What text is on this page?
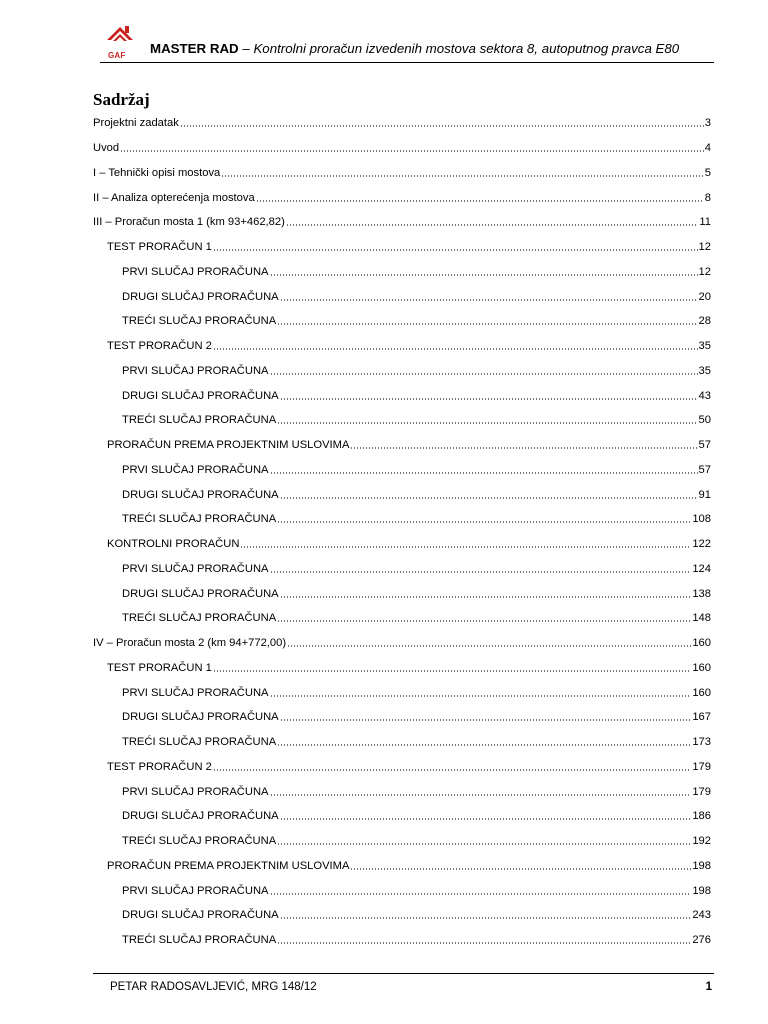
GAF MASTER RAD – Kontrolni proračun izvedenih mostova sektora 8, autoputnog pravca E80
Sadržaj
Projektni zadatak	3
Uvod	4
I – Tehnički opisi mostova	5
II – Analiza opterećenja mostova	8
III – Proračun mosta 1 (km 93+462,82)	11
TEST PRORAČUN 1	12
PRVI SLUČAJ PRORAČUNA	12
DRUGI SLUČAJ PRORAČUNA	20
TREĆI SLUČAJ PRORAČUNA	28
TEST PRORAČUN 2	35
PRVI SLUČAJ PRORAČUNA	35
DRUGI SLUČAJ PRORAČUNA	43
TREĆI SLUČAJ PRORAČUNA	50
PRORAČUN PREMA PROJEKTNIM USLOVIMA	57
PRVI SLUČAJ PRORAČUNA	57
DRUGI SLUČAJ PRORAČUNA	91
TREĆI SLUČAJ PRORAČUNA	108
KONTROLNI PRORAČUN	122
PRVI SLUČAJ PRORAČUNA	124
DRUGI SLUČAJ PRORAČUNA	138
TREĆI SLUČAJ PRORAČUNA	148
IV – Proračun mosta 2 (km 94+772,00)	160
TEST PRORAČUN 1	160
PRVI SLUČAJ PRORAČUNA	160
DRUGI SLUČAJ PRORAČUNA	167
TREĆI SLUČAJ PRORAČUNA	173
TEST PRORAČUN 2	179
PRVI SLUČAJ PRORAČUNA	179
DRUGI SLUČAJ PRORAČUNA	186
TREĆI SLUČAJ PRORAČUNA	192
PRORAČUN PREMA PROJEKTNIM USLOVIMA	198
PRVI SLUČAJ PRORAČUNA	198
DRUGI SLUČAJ PRORAČUNA	243
TREĆI SLUČAJ PRORAČUNA	276
PETAR RADOSAVLJEVIĆ, MRG 148/12	1
